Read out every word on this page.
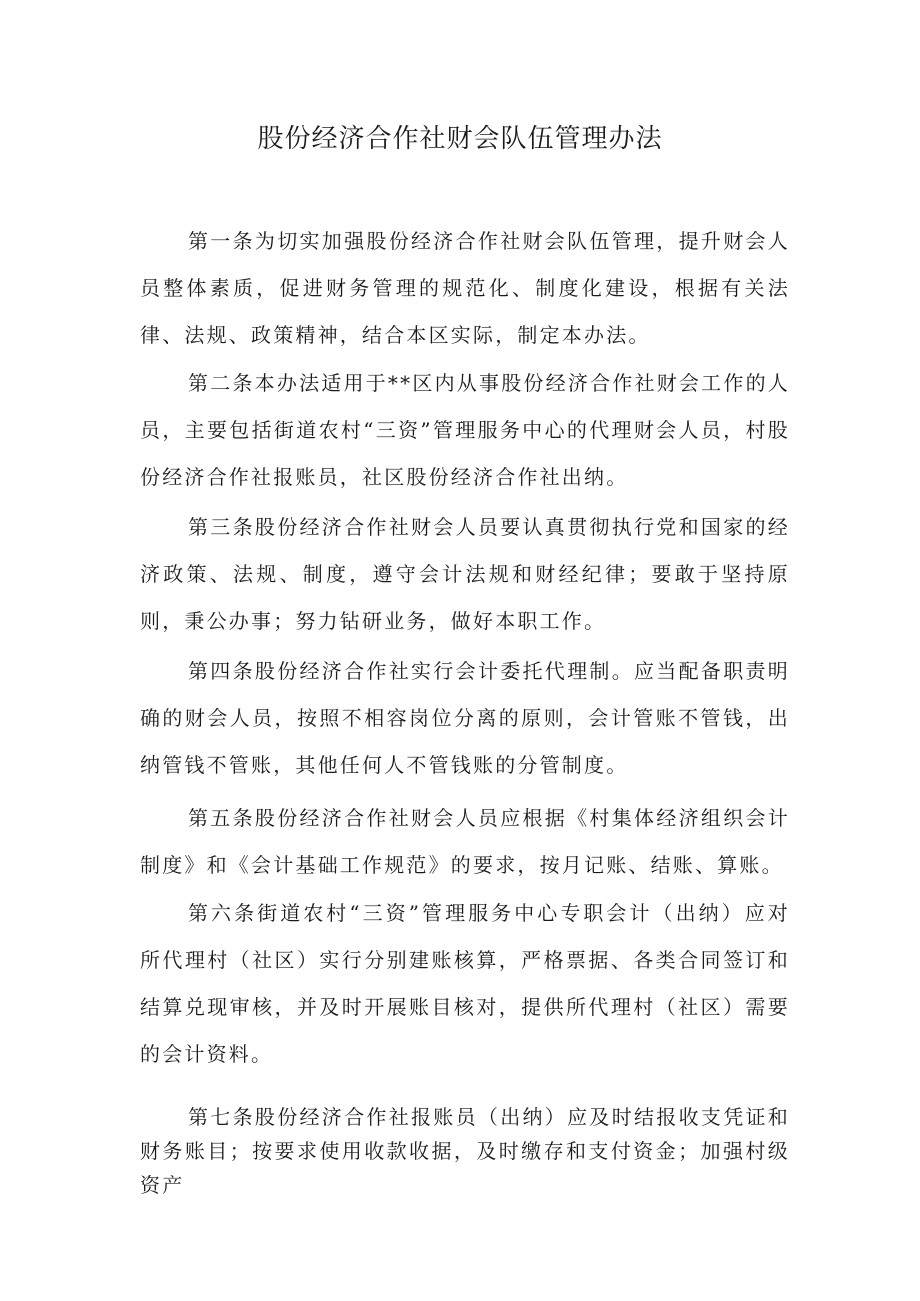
股份经济合作社财会队伍管理办法

第一条为切实加强股份经济合作社财会队伍管理，提升财会人员整体素质，促进财务管理的规范化、制度化建设，根据有关法律、法规、政策精神，结合本区实际，制定本办法。

第二条本办法适用于**区内从事股份经济合作社财会工作的人员，主要包括街道农村“三资”管理服务中心的代理财会人员，村股份经济合作社报账员，社区股份经济合作社出纳。

第三条股份经济合作社财会人员要认真贯彻执行党和国家的经济政策、法规、制度，遵守会计法规和财经纪律；要敢于坚持原则，秉公办事；努力钻研业务，做好本职工作。

第四条股份经济合作社实行会计委托代理制。应当配备职责明确的财会人员，按照不相容岗位分离的原则，会计管账不管钱，出纳管钱不管账，其他任何人不管钱账的分管制度。

第五条股份经济合作社财会人员应根据《村集体经济组织会计制度》和《会计基础工作规范》的要求，按月记账、结账、算账。

第六条街道农村“三资”管理服务中心专职会计（出纳）应对所代理村（社区）实行分别建账核算，严格票据、各类合同签订和结算兑现审核，并及时开展账目核对，提供所代理村（社区）需要的会计资料。

第七条股份经济合作社报账员（出纳）应及时结报收支凭证和财务账目；按要求使用收款收据，及时缴存和支付资金；加强村级资产
